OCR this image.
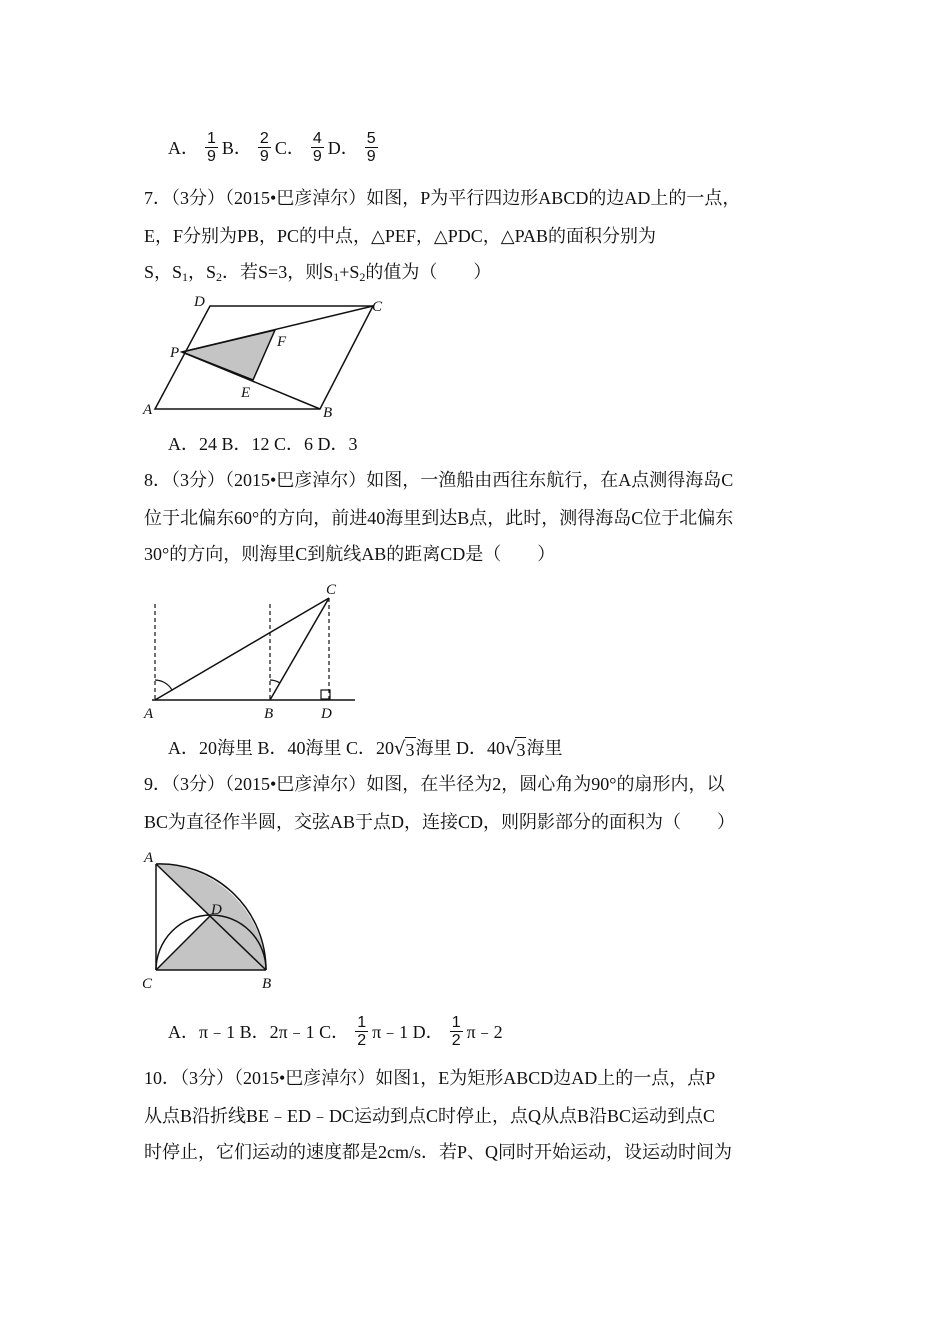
A． $\frac{1}{9}$ B． $\frac{2}{9}$ C． $\frac{4}{9}$ D． $\frac{5}{9}$
7．（3分）（2015•巴彦淖尔）如图，P为平行四边形ABCD的边AD上的一点，
E，F分别为PB，PC的中点，△PEF，△PDC，△PAB的面积分别为
S，$S_1$，$S_2$．若S=3，则$S_1+S_2$的值为（　　）
D	C
P
F
E
A	B
A．24 B．12 C．6 D．3
8．（3分）（2015•巴彦淖尔）如图，一渔船由西往东航行，在A点测得海岛C
位于北偏东60°的方向，前进40海里到达B点，此时，测得海岛C位于北偏东
30°的方向，则海里C到航线AB的距离CD是（　　）
C
A	B	D
A．20海里 B．40海里 C．20 √ 3 海里 D．40 √ 3 海里
9．（3分）（2015•巴彦淖尔）如图，在半径为2，圆心角为90°的扇形内，以
BC为直径作半圆，交弦AB于点D，连接CD，则阴影部分的面积为（　　）
A
D
C	B
A．π﹣1 B．2π﹣1 C． $\frac{1}{2}$ π﹣1 D． $\frac{1}{2}$ π﹣2
10．（3分）（2015•巴彦淖尔）如图1，E为矩形ABCD边AD上的一点，点P
从点B沿折线BE﹣ED﹣DC运动到点C时停止，点Q从点B沿BC运动到点C
时停止，它们运动的速度都是2cm/s．若P、Q同时开始运动，设运动时间为
